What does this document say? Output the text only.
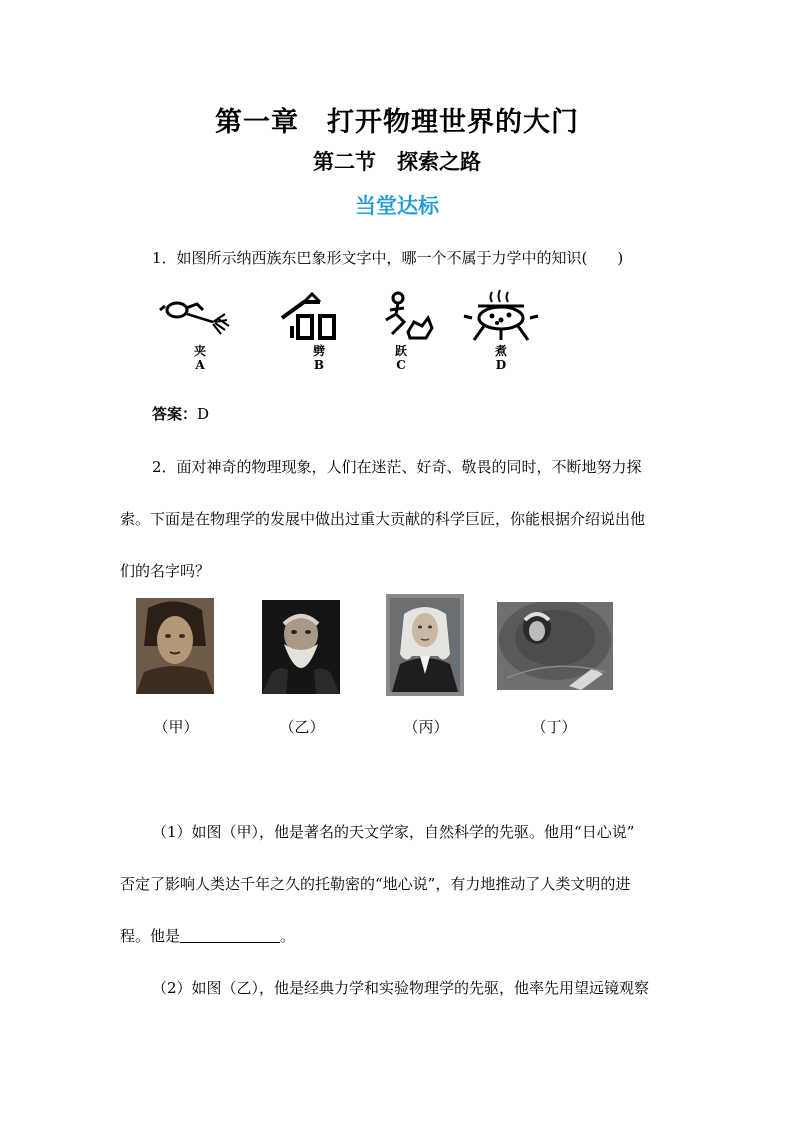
第一章　打开物理世界的大门
第二节　探索之路
当堂达标
1．如图所示纳西族东巴象形文字中，哪一个不属于力学中的知识(　　)
夹
A
劈
B
跃
C
煮
D
答案：D
2．面对神奇的物理现象，人们在迷茫、好奇、敬畏的同时，不断地努力探
索。下面是在物理学的发展中做出过重大贡献的科学巨匠，你能根据介绍说出他
们的名字吗？
（甲）	（乙）	（丙）	（丁）
（1）如图（甲），他是著名的天文学家，自然科学的先驱。他用“日心说”
否定了影响人类达千年之久的托勒密的“地心说”，有力地推动了人类文明的进
程。他是	。
（2）如图（乙），他是经典力学和实验物理学的先驱，他率先用望远镜观察
